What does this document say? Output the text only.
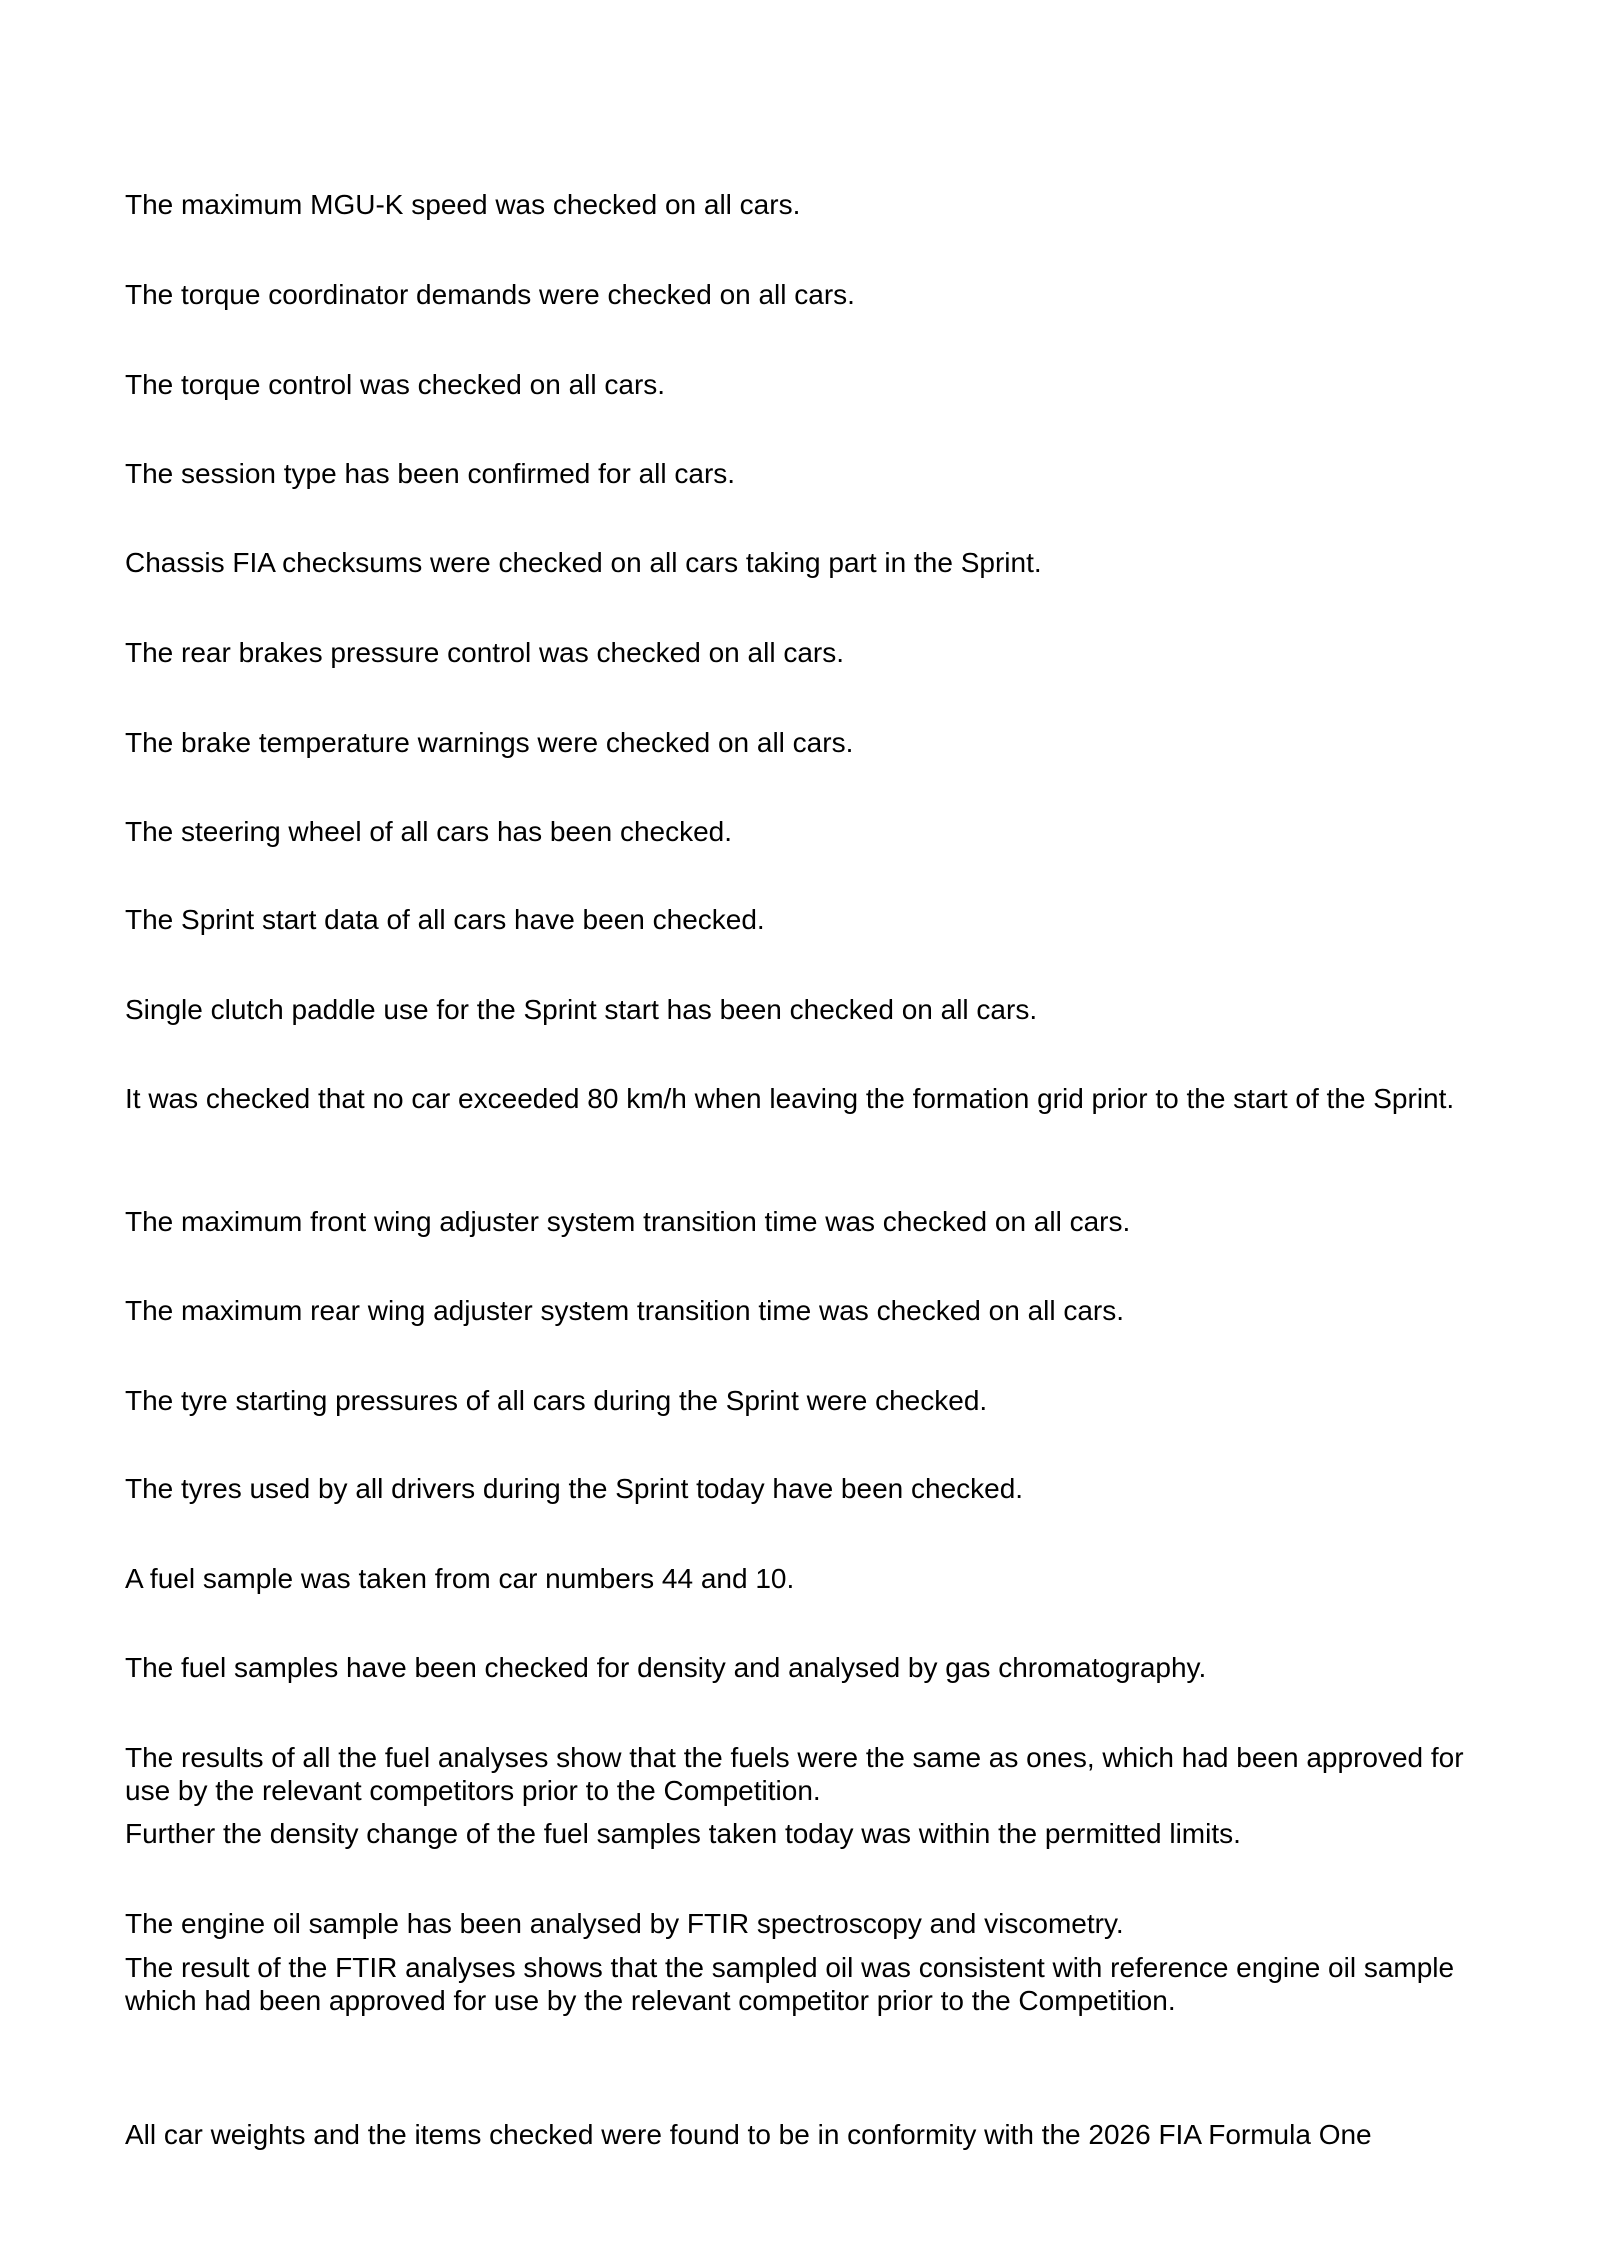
The maximum MGU-K speed was checked on all cars.

The torque coordinator demands were checked on all cars.

The torque control was checked on all cars.

The session type has been confirmed for all cars.

Chassis FIA checksums were checked on all cars taking part in the Sprint.

The rear brakes pressure control was checked on all cars.

The brake temperature warnings were checked on all cars.

The steering wheel of all cars has been checked.

The Sprint start data of all cars have been checked.

Single clutch paddle use for the Sprint start has been checked on all cars.

It was checked that no car exceeded 80 km/h when leaving the formation grid prior to the start of the Sprint.

The maximum front wing adjuster system transition time was checked on all cars.

The maximum rear wing adjuster system transition time was checked on all cars.

The tyre starting pressures of all cars during the Sprint were checked.

The tyres used by all drivers during the Sprint today have been checked.

A fuel sample was taken from car numbers 44 and 10.

The fuel samples have been checked for density and analysed by gas chromatography.

The results of all the fuel analyses show that the fuels were the same as ones, which had been approved for use by the relevant competitors prior to the Competition.

Further the density change of the fuel samples taken today was within the permitted limits.

The engine oil sample has been analysed by FTIR spectroscopy and viscometry.

The result of the FTIR analyses shows that the sampled oil was consistent with reference engine oil sample which had been approved for use by the relevant competitor prior to the Competition.

All car weights and the items checked were found to be in conformity with the 2026 FIA Formula One
